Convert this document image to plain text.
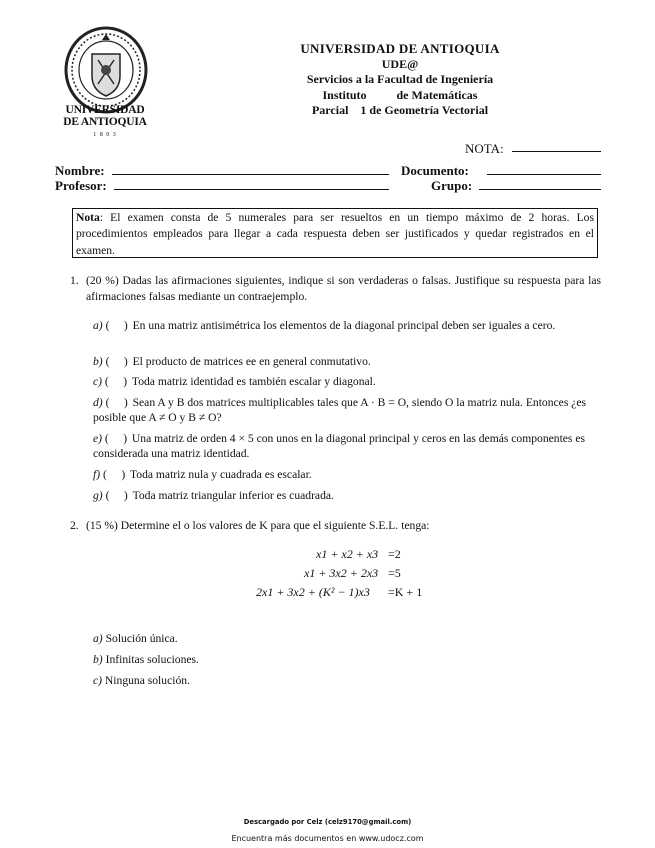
UNIVERSIDAD
DE ANTIOQUIA
1 8 0 3
UNIVERSIDAD DE ANTIOQUIA
UDE@
Servicios a la Facultad de Ingeniería
Instituto          de Matemáticas
Parcial    1 de Geometría Vectorial
NOTA:
Nombre:	Documento:
Profesor:	Grupo:
Nota: El examen consta de 5 numerales para ser resueltos en un tiempo máximo de 2 horas. Los procedimientos empleados para llegar a cada respuesta deben ser justificados y quedar registrados en el examen.
1. (20 %) Dadas las afirmaciones siguientes, indique si son verdaderas o falsas. Justifique su respuesta para las afirmaciones falsas mediante un contraejemplo.
a) (     ) En una matriz antisimétrica los elementos de la diagonal principal deben ser iguales a cero.
b) (     ) El producto de matrices ee en general conmutativo.
c) (     ) Toda matriz identidad es también escalar y diagonal.
d) (     ) Sean A y B dos matrices multiplicables tales que A · B = O, siendo O la matriz nula. Entonces ¿es posible que A ≠ O y B ≠ O?
e) (     ) Una matriz de orden 4 × 5 con unos en la diagonal principal y ceros en las demás componentes es considerada una matriz identidad.
f) (     ) Toda matriz nula y cuadrada es escalar.
g) (     ) Toda matriz triangular inferior es cuadrada.
2. (15 %) Determine el o los valores de K para que el siguiente S.E.L. tenga:
x1 + x2 + x3 =2
x1 + 3x2 + 2x3 =5
2x1 + 3x2 + (K² − 1)x3 =K + 1
a) Solución única.
b) Infinitas soluciones.
c) Ninguna solución.
Descargado por Celz (celz9170@gmail.com)
Encuentra más documentos en www.udocz.com
